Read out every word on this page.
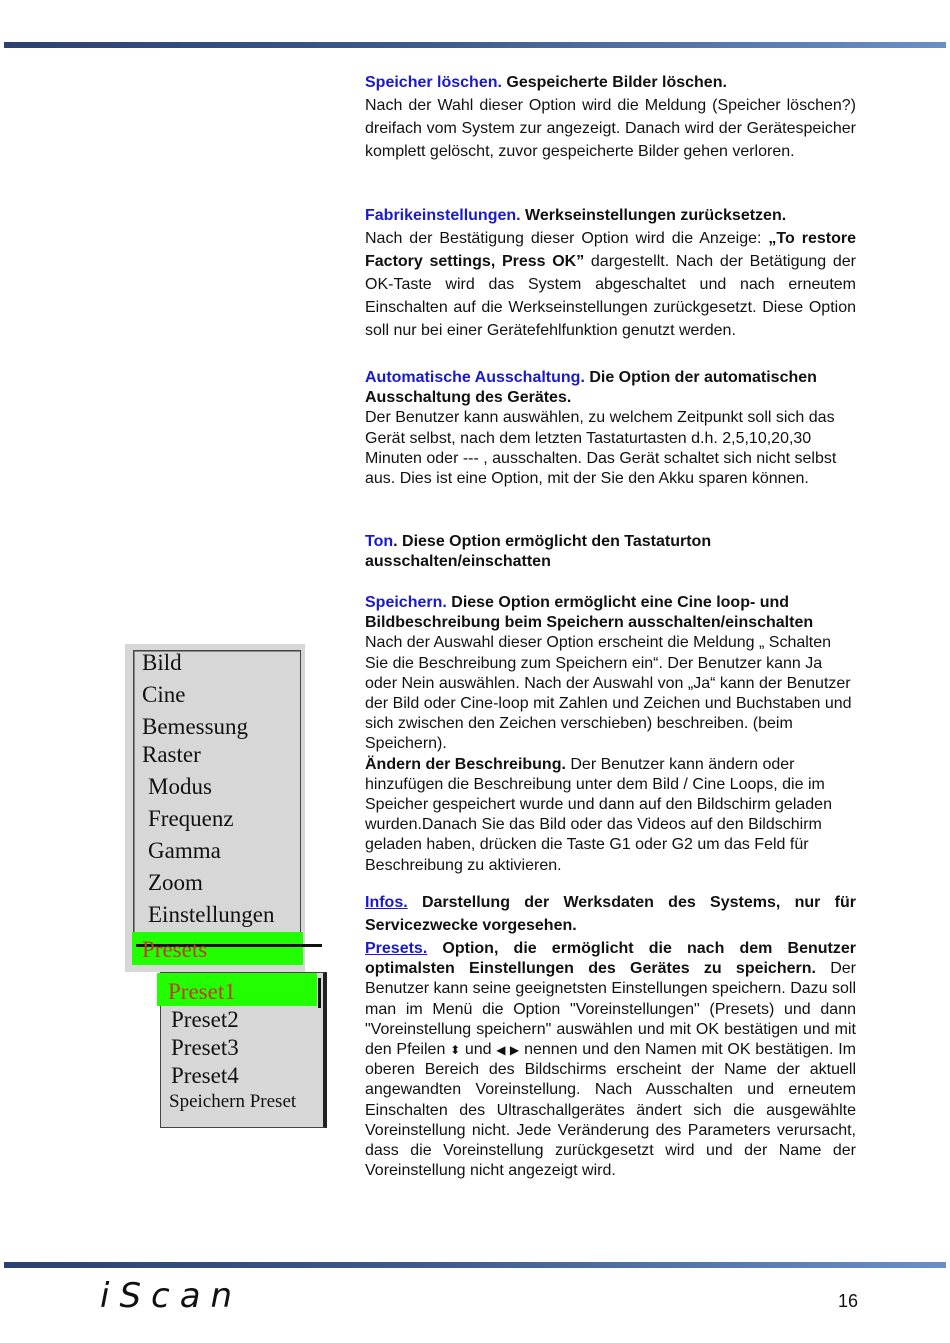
Speicher löschen. Gespeicherte Bilder löschen.

Nach der Wahl dieser Option wird die Meldung (Speicher löschen?) dreifach vom System zur angezeigt. Danach wird der Gerätespeicher komplett gelöscht, zuvor gespeicherte Bilder gehen verloren.

Fabrikeinstellungen. Werkseinstellungen zurücksetzen.

Nach der Bestätigung dieser Option wird die Anzeige: „To restore Factory settings, Press OK” dargestellt. Nach der Betätigung der OK-Taste wird das System abgeschaltet und nach erneutem Einschalten auf die Werkseinstellungen zurückgesetzt. Diese Option soll nur bei einer Gerätefehlfunktion genutzt werden.

Automatische Ausschaltung. Die Option der automatischen Ausschaltung des Gerätes.

Der Benutzer kann auswählen, zu welchem Zeitpunkt soll sich das Gerät selbst, nach dem letzten Tastaturtasten d.h. 2,5,10,20,30 Minuten oder --- , ausschalten. Das Gerät schaltet sich nicht selbst aus. Dies ist eine Option, mit der Sie den Akku sparen können.

Ton. Diese Option ermöglicht den Tastaturton ausschalten/einschatten

Speichern. Diese Option ermöglicht eine Cine loop- und Bildbeschreibung beim Speichern ausschalten/einschalten

Nach der Auswahl dieser Option erscheint die Meldung „ Schalten Sie die Beschreibung zum Speichern ein“. Der Benutzer kann Ja oder Nein auswählen. Nach der Auswahl von „Ja“ kann der Benutzer der Bild oder Cine-loop mit Zahlen und Zeichen und Buchstaben und sich zwischen den Zeichen verschieben) beschreiben. (beim Speichern).

Ändern der Beschreibung. Der Benutzer kann ändern oder hinzufügen die Beschreibung unter dem Bild / Cine Loops, die im Speicher gespeichert wurde und dann auf den Bildschirm geladen wurden.Danach Sie das Bild oder das Videos auf den Bildschirm geladen haben, drücken die Taste G1 oder G2 um das Feld für Beschreibung zu aktivieren.

Infos. Darstellung der Werksdaten des Systems, nur für Servicezwecke vorgesehen.

Presets. Option, die ermöglicht die nach dem Benutzer optimalsten Einstellungen des Gerätes zu speichern. Der Benutzer kann seine geeignetsten Einstellungen speichern. Dazu soll man im Menü die Option "Voreinstellungen" (Presets) und dann "Voreinstellung speichern" auswählen und mit OK bestätigen und mit den Pfeilen ⬍ und ◀ ▶ nennen und den Namen mit OK bestätigen. Im oberen Bereich des Bildschirms erscheint der Name der aktuell angewandten Voreinstellung. Nach Ausschalten und erneutem Einschalten des Ultraschallgerätes ändert sich die ausgewählte Voreinstellung nicht. Jede Veränderung des Parameters verursacht, dass die Voreinstellung zurückgesetzt wird und der Name der Voreinstellung nicht angezeigt wird.

Bild
Cine
Bemessung
Raster
Modus
Frequenz
Gamma
Zoom
Einstellungen
Presets
Preset1
Preset2
Preset3
Preset4
Speichern Preset
iScan	16
